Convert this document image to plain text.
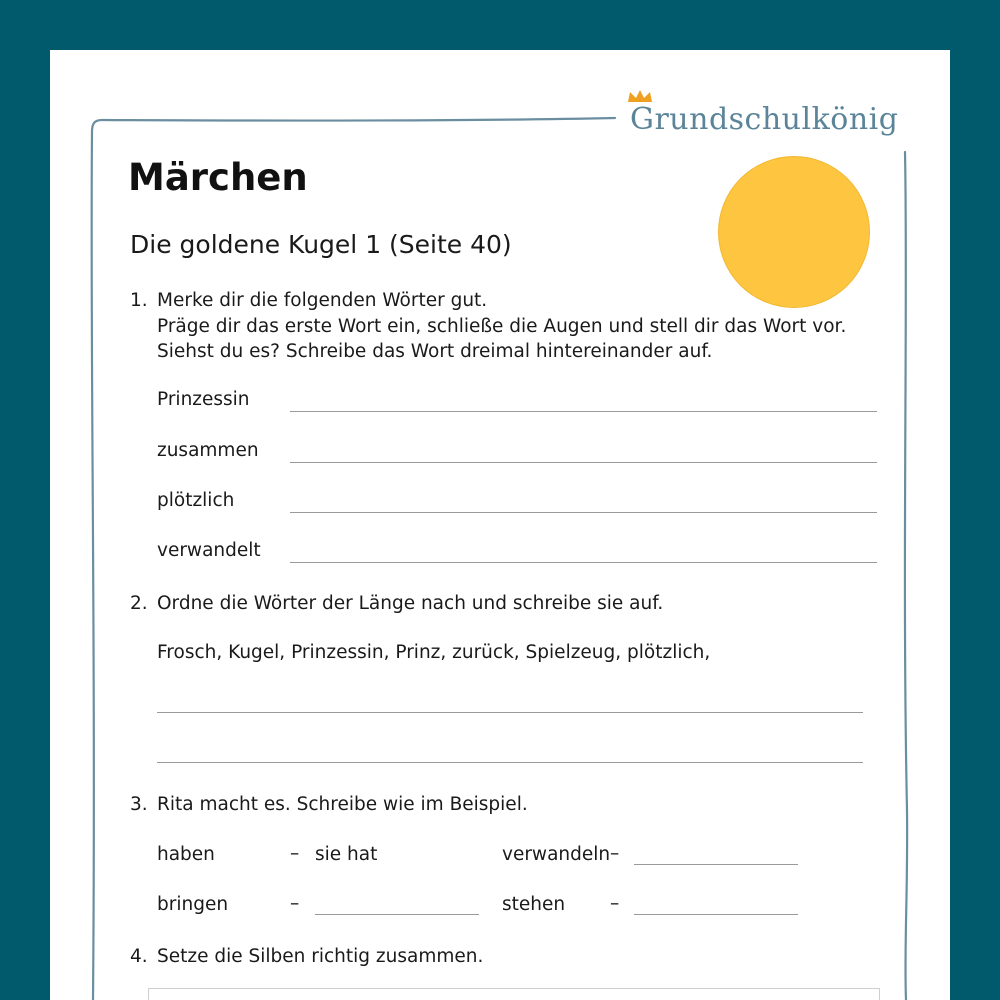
Grundschulkönig
Märchen
Die goldene Kugel 1 (Seite 40)
1. Merke dir die folgenden Wörter gut.
Präge dir das erste Wort ein, schließe die Augen und stell dir das Wort vor.
Siehst du es? Schreibe das Wort dreimal hintereinander auf.
Prinzessin
zusammen
plötzlich
verwandelt
2. Ordne die Wörter der Länge nach und schreibe sie auf.
Frosch, Kugel, Prinzessin, Prinz, zurück, Spielzeug, plötzlich,
3. Rita macht es. Schreibe wie im Beispiel.
haben	– sie hat	verwandeln –
bringen	–	stehen –
4. Setze die Silben richtig zusammen.
